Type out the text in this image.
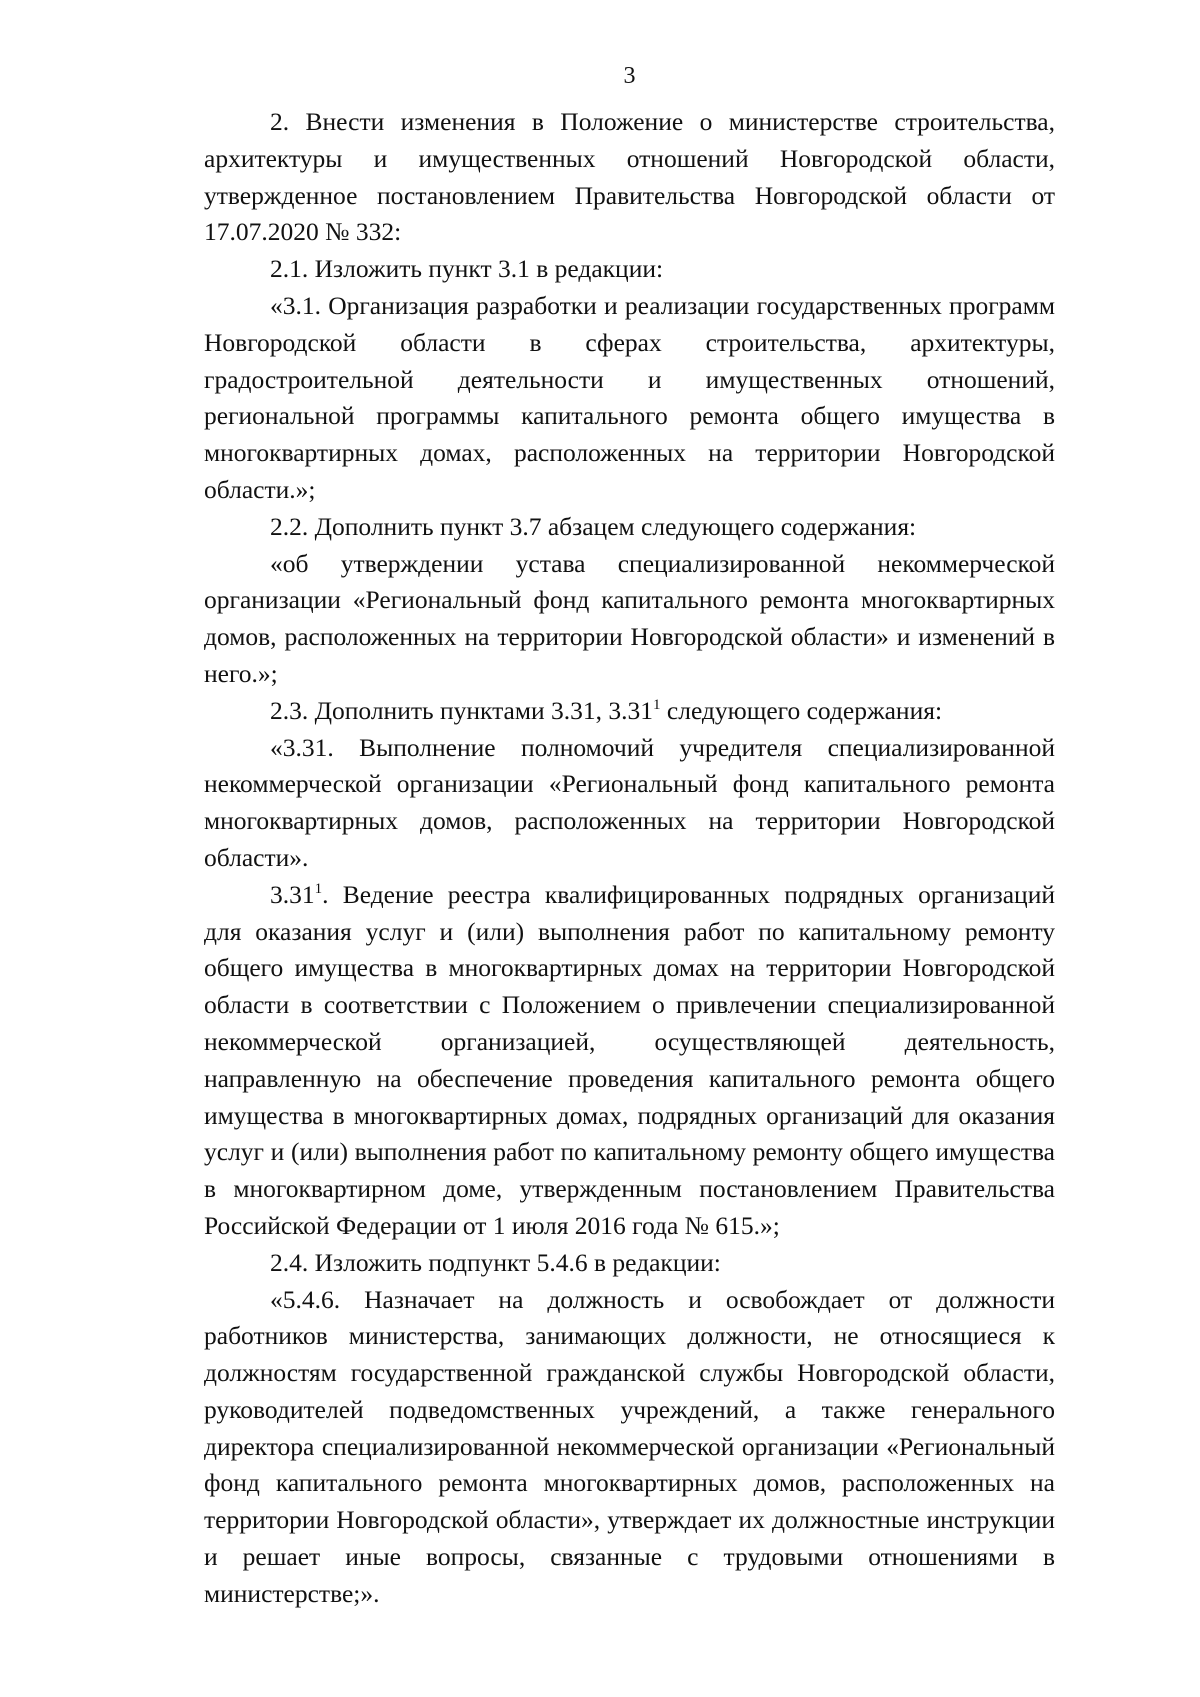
3

2. Внести изменения в Положение о министерстве строительства, архитектуры и имущественных отношений Новгородской области, утвержденное постановлением Правительства Новгородской области от 17.07.2020 № 332:

2.1. Изложить пункт 3.1 в редакции:

«3.1. Организация разработки и реализации государственных программ Новгородской области в сферах строительства, архитектуры, градостроительной деятельности и имущественных отношений, региональной программы капитального ремонта общего имущества в многоквартирных домах, расположенных на территории Новгородской области.»;

2.2. Дополнить пункт 3.7 абзацем следующего содержания:

«об утверждении устава специализированной некоммерческой организации «Региональный фонд капитального ремонта многоквартирных домов, расположенных на территории Новгородской области» и изменений в него.»;

2.3. Дополнить пунктами 3.31, 3.31$^1$ следующего содержания:

«3.31. Выполнение полномочий учредителя специализированной некоммерческой организации «Региональный фонд капитального ремонта многоквартирных домов, расположенных на территории Новгородской области».

3.31$^1$. Ведение реестра квалифицированных подрядных организаций для оказания услуг и (или) выполнения работ по капитальному ремонту общего имущества в многоквартирных домах на территории Новгородской области в соответствии с Положением о привлечении специализированной некоммерческой организацией, осуществляющей деятельность, направленную на обеспечение проведения капитального ремонта общего имущества в многоквартирных домах, подрядных организаций для оказания услуг и (или) выполнения работ по капитальному ремонту общего имущества в многоквартирном доме, утвержденным постановлением Правительства Российской Федерации от 1 июля 2016 года № 615.»;

2.4. Изложить подпункт 5.4.6 в редакции:

«5.4.6. Назначает на должность и освобождает от должности работников министерства, занимающих должности, не относящиеся к должностям государственной гражданской службы Новгородской области, руководителей подведомственных учреждений, а также генерального директора специализированной некоммерческой организации «Региональный фонд капитального ремонта многоквартирных домов, расположенных на территории Новгородской области», утверждает их должностные инструкции и решает иные вопросы, связанные с трудовыми отношениями в министерстве;».
